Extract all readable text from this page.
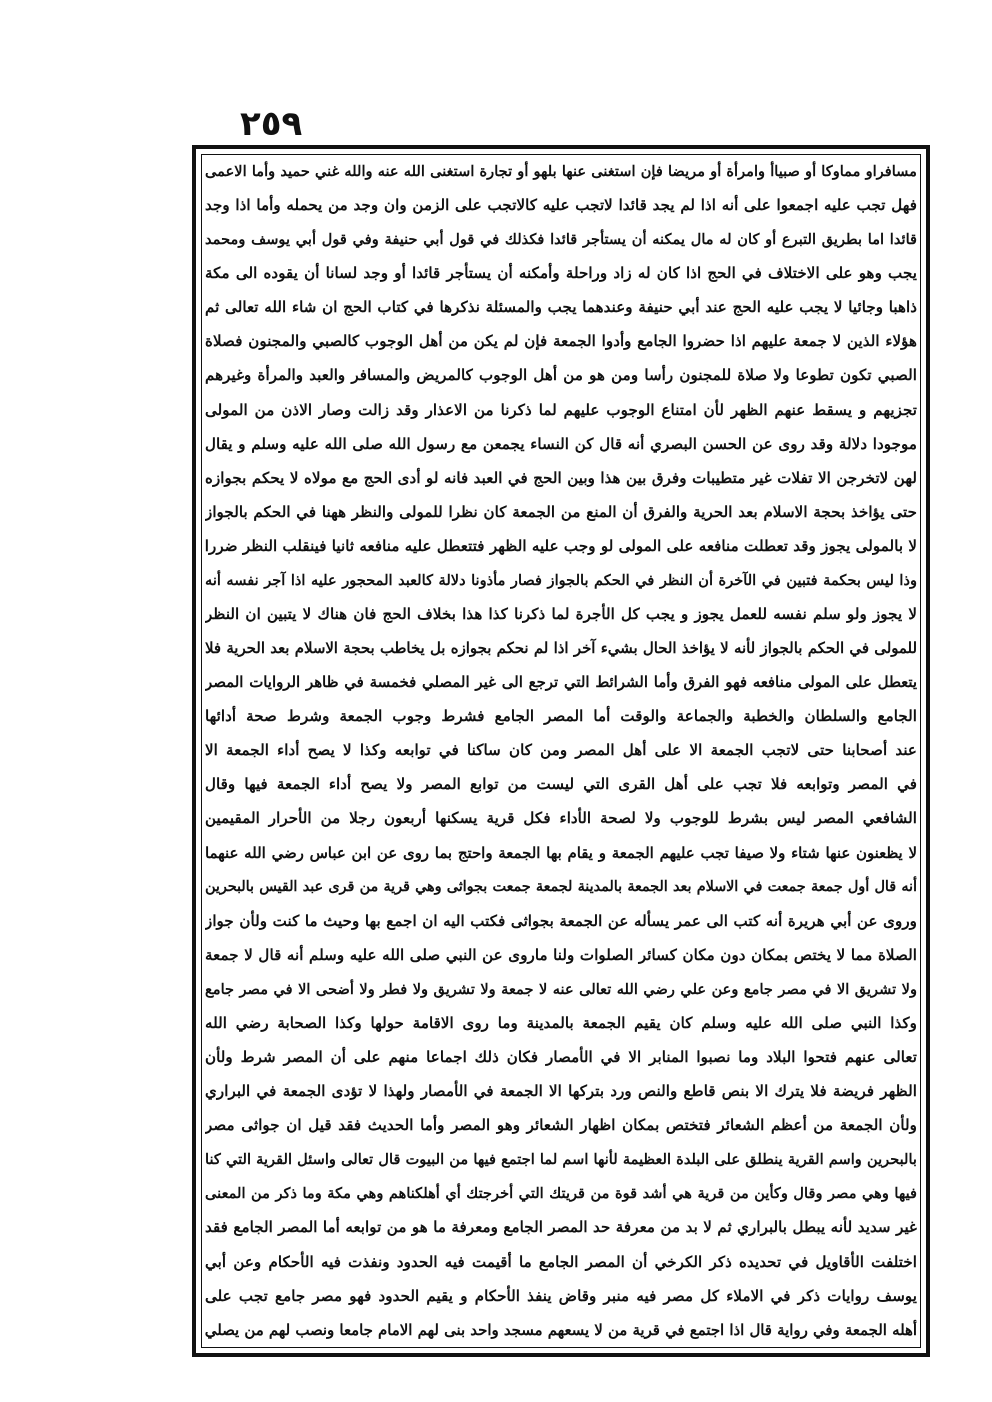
٢٥٩
مسافراو مماوكا أو صبياأ وامرأة أو مريضا فإن استغنى عنها بلهو أو تجارة استغنى الله عنه والله غني حميد وأما الاعمى
فهل تجب عليه اجمعوا على أنه اذا لم يجد قائدا لاتجب عليه كالاتجب على الزمن وان وجد من يحمله وأما اذا وجد
قائدا اما بطريق التبرع أو كان له مال يمكنه أن يستأجر قائدا فكذلك في قول أبي حنيفة وفي قول أبي يوسف ومحمد
يجب وهو على الاختلاف في الحج اذا كان له زاد وراحلة وأمكنه أن يستأجر قائدا أو وجد لسانا أن يقوده الى مكة
ذاهبا وجائيا لا يجب عليه الحج عند أبي حنيفة وعندهما يجب والمسئلة نذكرها في كتاب الحج ان شاء الله تعالى ثم
هؤلاء الذين لا جمعة عليهم اذا حضروا الجامع وأدوا الجمعة فإن لم يكن من أهل الوجوب كالصبي والمجنون فصلاة
الصبي تكون تطوعا ولا صلاة للمجنون رأسا ومن هو من أهل الوجوب كالمريض والمسافر والعبد والمرأة وغيرهم
تجزيهم و يسقط عنهم الظهر لأن امتناع الوجوب عليهم لما ذكرنا من الاعذار وقد زالت وصار الاذن من المولى
موجودا دلالة وقد روى عن الحسن البصري أنه قال كن النساء يجمعن مع رسول الله صلى الله عليه وسلم و يقال
لهن لاتخرجن الا تفلات غير متطيبات وفرق بين هذا وبين الحج في العبد فانه لو أدى الحج مع مولاه لا يحكم بجوازه
حتى يؤاخذ بحجة الاسلام بعد الحرية والفرق أن المنع من الجمعة كان نظرا للمولى والنظر ههنا في الحكم بالجواز
لا بالمولى يجوز وقد تعطلت منافعه على المولى لو وجب عليه الظهر فتتعطل عليه منافعه ثانيا فينقلب النظر ضررا
وذا ليس بحكمة فتبين في الآخرة أن النظر في الحكم بالجواز فصار مأذونا دلالة كالعبد المحجور عليه اذا آجر نفسه أنه
لا يجوز ولو سلم نفسه للعمل يجوز و يجب كل الأجرة لما ذكرنا كذا هذا بخلاف الحج فان هناك لا يتبين ان النظر
للمولى في الحكم بالجواز لأنه لا يؤاخذ الحال بشيء آخر اذا لم نحكم بجوازه بل يخاطب بحجة الاسلام بعد الحرية فلا
يتعطل على المولى منافعه فهو الفرق وأما الشرائط التي ترجع الى غير المصلي فخمسة في ظاهر الروايات المصر
الجامع والسلطان والخطبة والجماعة والوقت أما المصر الجامع فشرط وجوب الجمعة وشرط صحة أدائها
عند أصحابنا حتى لاتجب الجمعة الا على أهل المصر ومن كان ساكنا في توابعه وكذا لا يصح أداء الجمعة الا
في المصر وتوابعه فلا تجب على أهل القرى التي ليست من توابع المصر ولا يصح أداء الجمعة فيها وقال
الشافعي المصر ليس بشرط للوجوب ولا لصحة الأداء فكل قرية يسكنها أربعون رجلا من الأحرار المقيمين
لا يظعنون عنها شتاء ولا صيفا تجب عليهم الجمعة و يقام بها الجمعة واحتج بما روى عن ابن عباس رضي الله عنهما
أنه قال أول جمعة جمعت في الاسلام بعد الجمعة بالمدينة لجمعة جمعت بجواثى وهي قرية من قرى عبد القيس بالبحرين
وروى عن أبي هريرة أنه كتب الى عمر يسأله عن الجمعة بجواثى فكتب اليه ان اجمع بها وحيث ما كنت ولأن جواز
الصلاة مما لا يختص بمكان دون مكان كسائر الصلوات ولنا ماروى عن النبي صلى الله عليه وسلم أنه قال لا جمعة
ولا تشريق الا في مصر جامع وعن علي رضي الله تعالى عنه لا جمعة ولا تشريق ولا فطر ولا أضحى الا في مصر جامع
وكذا النبي صلى الله عليه وسلم كان يقيم الجمعة بالمدينة وما روى الاقامة حولها وكذا الصحابة رضي الله
تعالى عنهم فتحوا البلاد وما نصبوا المنابر الا في الأمصار فكان ذلك اجماعا منهم على أن المصر شرط ولأن
الظهر فريضة فلا يترك الا بنص قاطع والنص ورد بتركها الا الجمعة في الأمصار ولهذا لا تؤدى الجمعة في البراري
ولأن الجمعة من أعظم الشعائر فتختص بمكان اظهار الشعائر وهو المصر وأما الحديث فقد قيل ان جواثى مصر
بالبحرين واسم القرية ينطلق على البلدة العظيمة لأنها اسم لما اجتمع فيها من البيوت قال تعالى واسئل القرية التي كنا
فيها وهي مصر وقال وكأين من قرية هي أشد قوة من قريتك التي أخرجتك أي أهلكناهم وهي مكة وما ذكر من المعنى
غير سديد لأنه يبطل بالبراري ثم لا بد من معرفة حد المصر الجامع ومعرفة ما هو من توابعه أما المصر الجامع فقد
اختلفت الأقاويل في تحديده ذكر الكرخي أن المصر الجامع ما أقيمت فيه الحدود ونفذت فيه الأحكام وعن أبي
يوسف روايات ذكر في الاملاء كل مصر فيه منبر وقاض ينفذ الأحكام و يقيم الحدود فهو مصر جامع تجب على
أهله الجمعة وفي رواية قال اذا اجتمع في قرية من لا يسعهم مسجد واحد بنى لهم الامام جامعا ونصب لهم من يصلي
